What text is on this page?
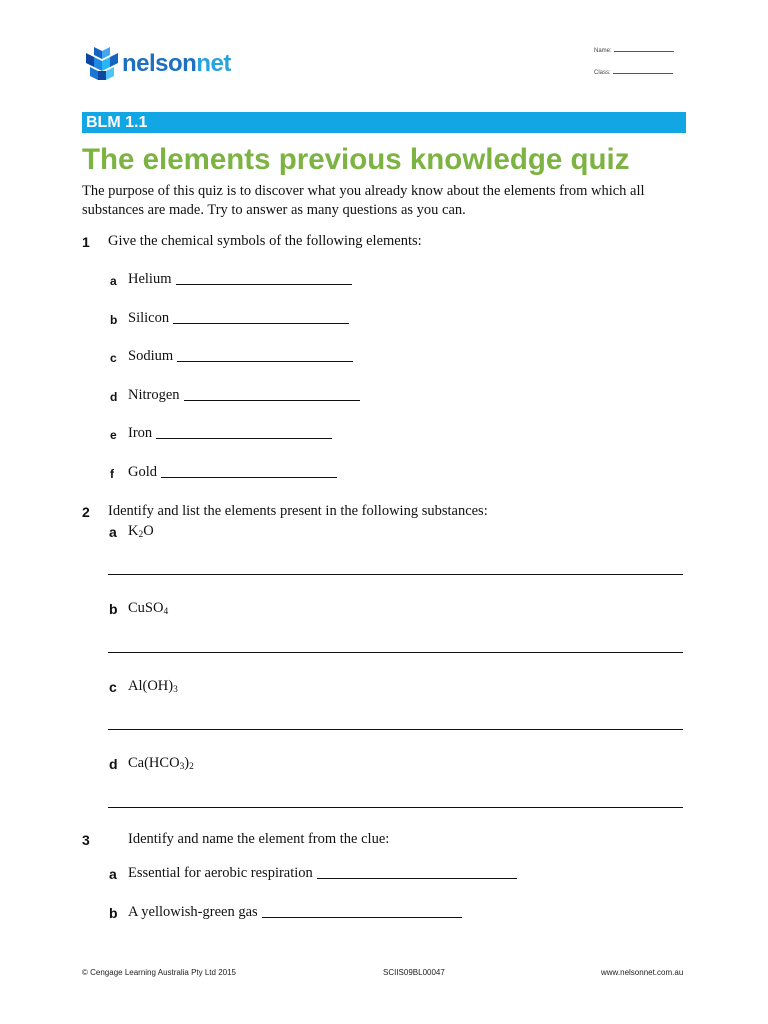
nelsonnet	Name:
Class:
BLM 1.1
The elements previous knowledge quiz
The purpose of this quiz is to discover what you already know about the elements from which all substances are made. Try to answer as many questions as you can.
1 Give the chemical symbols of the following elements:
a Helium
b Silicon
c Sodium
d Nitrogen
e Iron
f Gold
2 Identify and list the elements present in the following substances:
a $K_2O$
b CuSO$_4$
c $Al(OH)_3$
d $Ca(HCO_3)_2$
3	Identify and name the element from the clue:
a Essential for aerobic respiration
b A yellowish-green gas
© Cengage Learning Australia Pty Ltd 2015	SCIIS09BL00047	www.nelsonnet.com.au
